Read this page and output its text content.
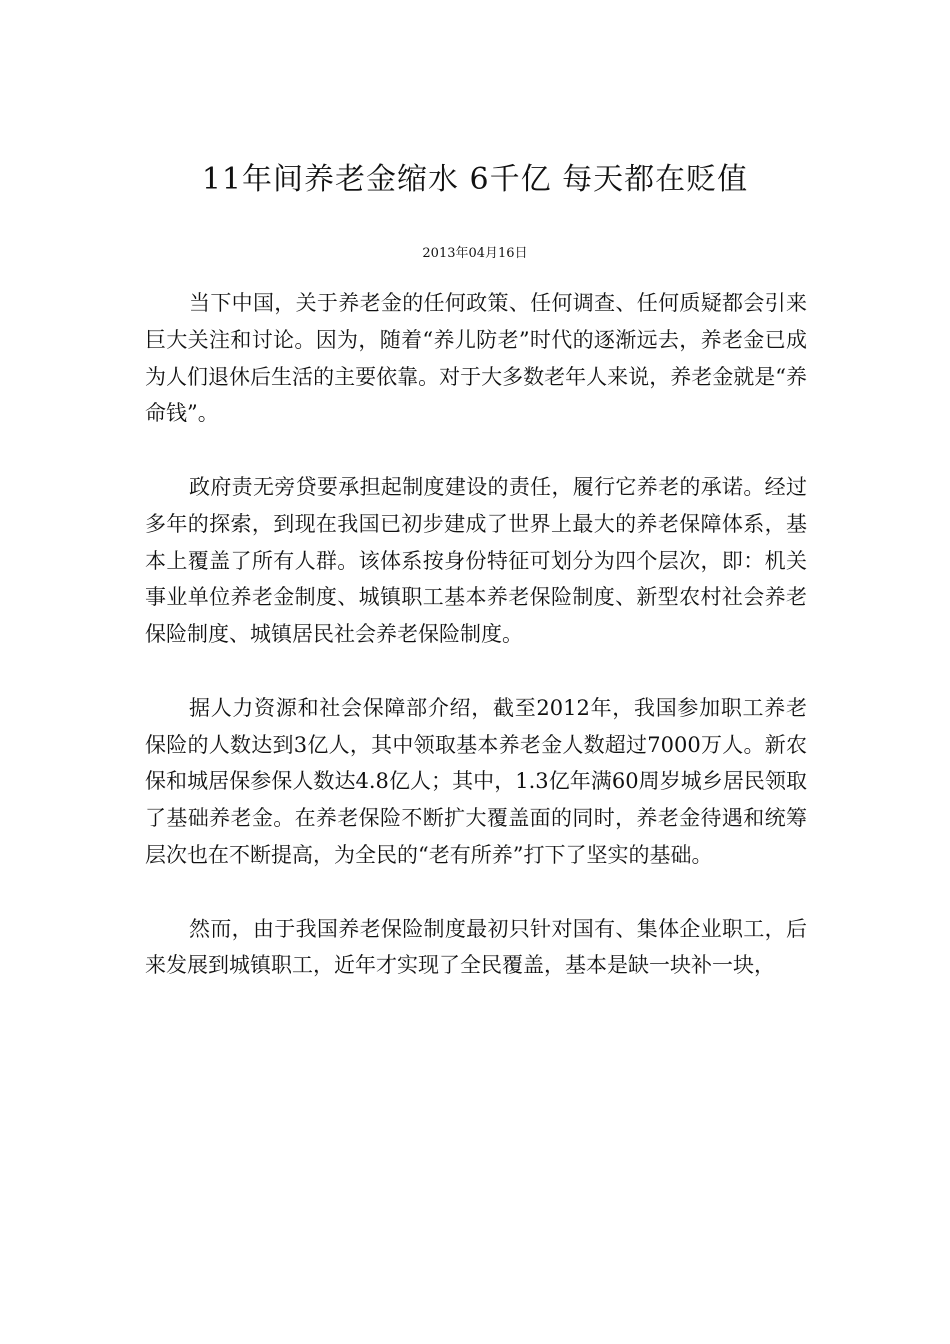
11年间养老金缩水 6千亿 每天都在贬值
2013年04月16日

当下中国，关于养老金的任何政策、任何调查、任何质疑都会引来巨大关注和讨论。因为，随着“养儿防老”时代的逐渐远去，养老金已成为人们退休后生活的主要依靠。对于大多数老年人来说，养老金就是“养命钱”。

政府责无旁贷要承担起制度建设的责任，履行它养老的承诺。经过多年的探索，到现在我国已初步建成了世界上最大的养老保障体系，基本上覆盖了所有人群。该体系按身份特征可划分为四个层次，即：机关事业单位养老金制度、城镇职工基本养老保险制度、新型农村社会养老保险制度、城镇居民社会养老保险制度。

据人力资源和社会保障部介绍，截至2012年，我国参加职工养老保险的人数达到3亿人，其中领取基本养老金人数超过7000万人。新农保和城居保参保人数达4.8亿人；其中，1.3亿年满60周岁城乡居民领取了基础养老金。在养老保险不断扩大覆盖面的同时，养老金待遇和统筹层次也在不断提高，为全民的“老有所养”打下了坚实的基础。

然而，由于我国养老保险制度最初只针对国有、集体企业职工，后来发展到城镇职工，近年才实现了全民覆盖，基本是缺一块补一块，
